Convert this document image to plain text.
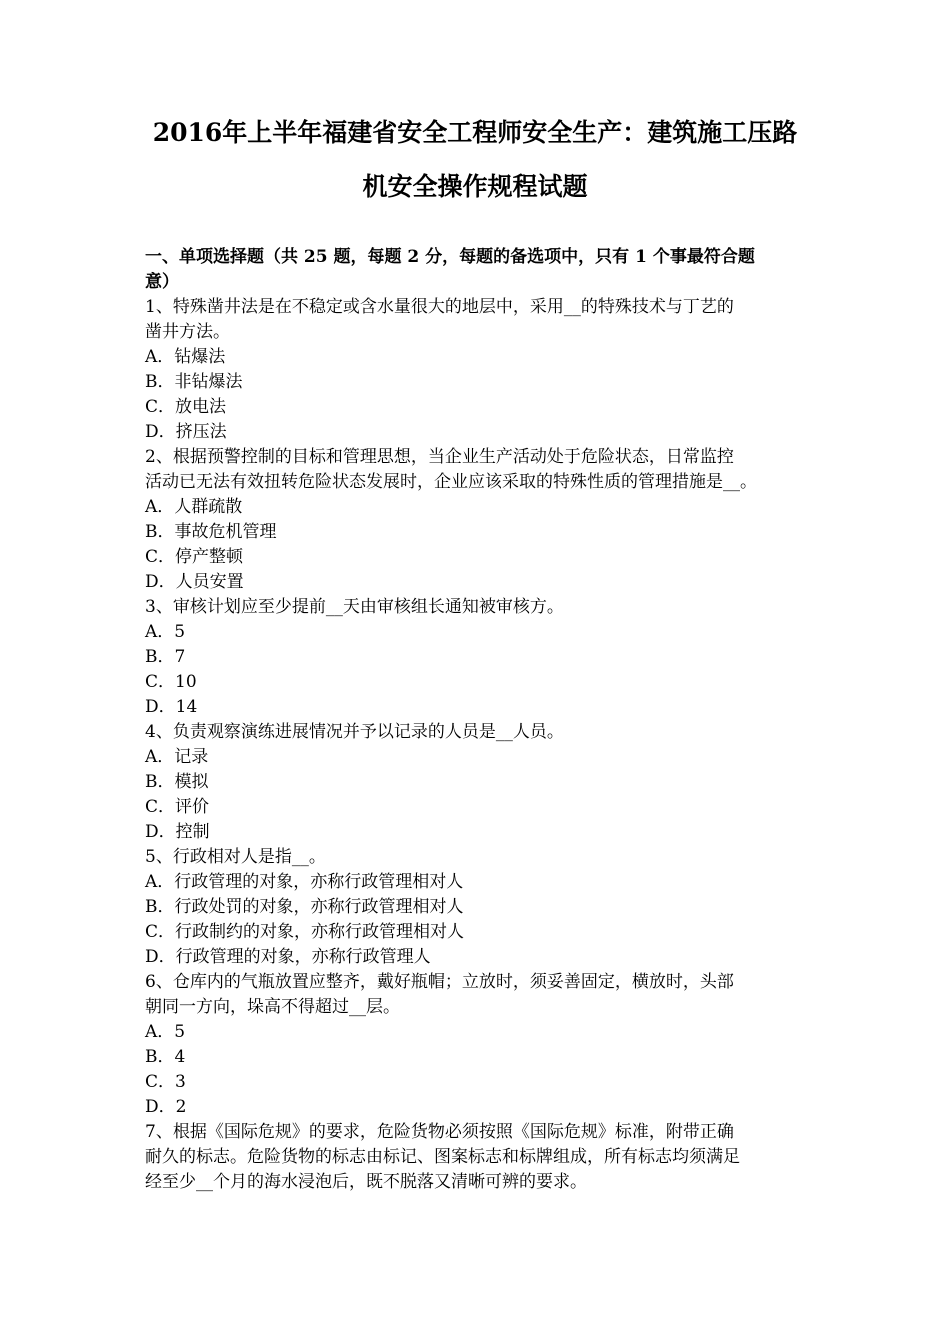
2016年上半年福建省安全工程师安全生产：建筑施工压路
机安全操作规程试题
一、单项选择题（共 25 题，每题 2 分，每题的备选项中，只有 1 个事最符合题
意）
1、特殊凿井法是在不稳定或含水量很大的地层中，采用__的特殊技术与丁艺的
凿井方法。
A．钻爆法
B．非钻爆法
C．放电法
D．挤压法
2、根据预警控制的目标和管理思想，当企业生产活动处于危险状态，日常监控
活动已无法有效扭转危险状态发展时，企业应该采取的特殊性质的管理措施是__。
A．人群疏散
B．事故危机管理
C．停产整顿
D．人员安置
3、审核计划应至少提前__天由审核组长通知被审核方。
A．5
B．7
C．10
D．14
4、负责观察演练进展情况并予以记录的人员是__人员。
A．记录
B．模拟
C．评价
D．控制
5、行政相对人是指__。
A．行政管理的对象，亦称行政管理相对人
B．行政处罚的对象，亦称行政管理相对人
C．行政制约的对象，亦称行政管理相对人
D．行政管理的对象，亦称行政管理人
6、仓库内的气瓶放置应整齐，戴好瓶帽；立放时，须妥善固定，横放时，头部
朝同一方向，垛高不得超过__层。
A．5
B．4
C．3
D．2
7、根据《国际危规》的要求，危险货物必须按照《国际危规》标准，附带正确
耐久的标志。危险货物的标志由标记、图案标志和标牌组成，所有标志均须满足
经至少__个月的海水浸泡后，既不脱落又清晰可辨的要求。
